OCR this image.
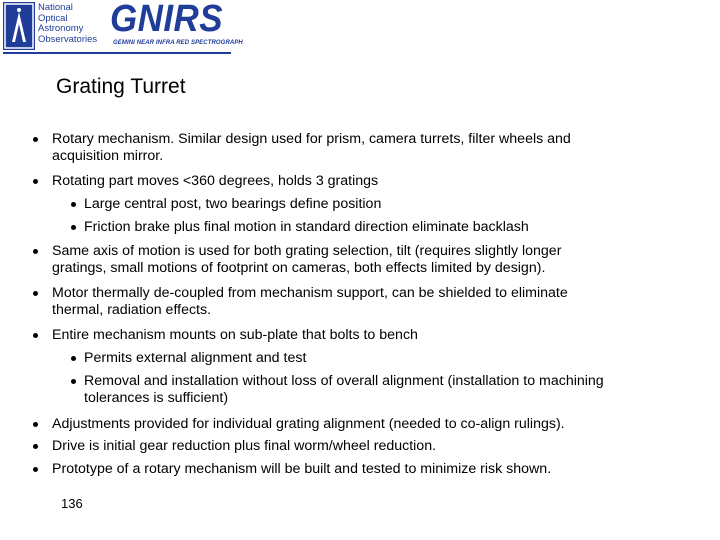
National
Optical
Astronomy
Observatories GNIRS
GEMINI NEAR INFRA RED SPECTROGRAPH
Grating Turret
Rotary mechanism. Similar design used for prism, camera turrets, filter wheels and
acquisition mirror.
Rotating part moves <360 degrees, holds 3 gratings
Large central post, two bearings define position
Friction brake plus final motion in standard direction eliminate backlash
Same axis of motion is used for both grating selection, tilt (requires slightly longer
gratings, small motions of footprint on cameras, both effects limited by design).
Motor thermally de-coupled from mechanism support, can be shielded to eliminate
thermal, radiation effects.
Entire mechanism mounts on sub-plate that bolts to bench
Permits external alignment and test
Removal and installation without loss of overall alignment (installation to machining
tolerances is sufficient)
Adjustments provided for individual grating alignment (needed to co-align rulings).
Drive is initial gear reduction plus final worm/wheel reduction.
Prototype of a rotary mechanism will be built and tested to minimize risk shown.
136
